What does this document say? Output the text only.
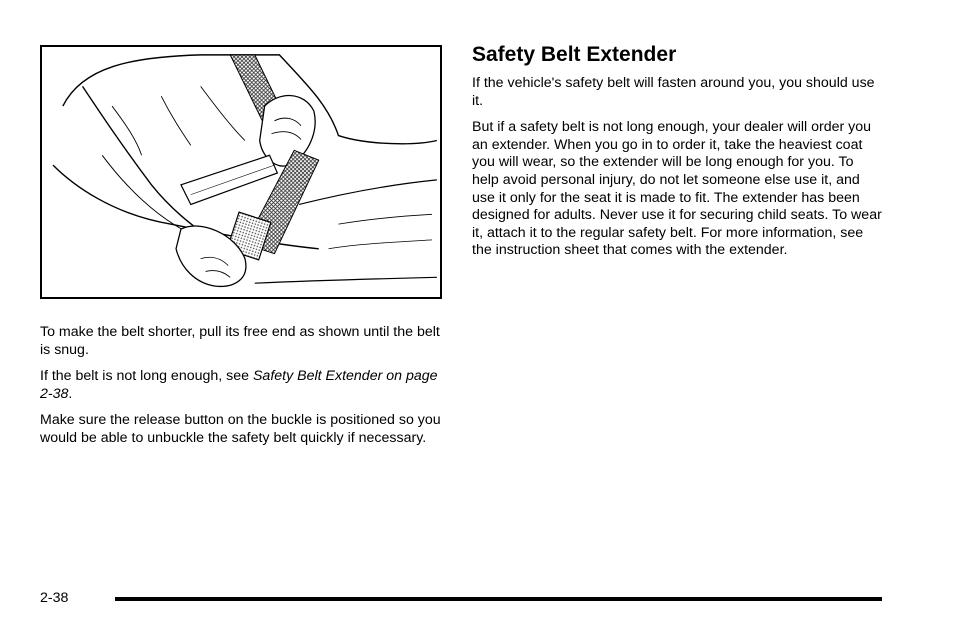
To make the belt shorter, pull its free end as shown until the belt is snug.

If the belt is not long enough, see Safety Belt Extender on page 2-38.

Make sure the release button on the buckle is positioned so you would be able to unbuckle the safety belt quickly if necessary.

Safety Belt Extender

If the vehicle's safety belt will fasten around you, you should use it.

But if a safety belt is not long enough, your dealer will order you an extender. When you go in to order it, take the heaviest coat you will wear, so the extender will be long enough for you. To help avoid personal injury, do not let someone else use it, and use it only for the seat it is made to fit. The extender has been designed for adults. Never use it for securing child seats. To wear it, attach it to the regular safety belt. For more information, see the instruction sheet that comes with the extender.

2-38
